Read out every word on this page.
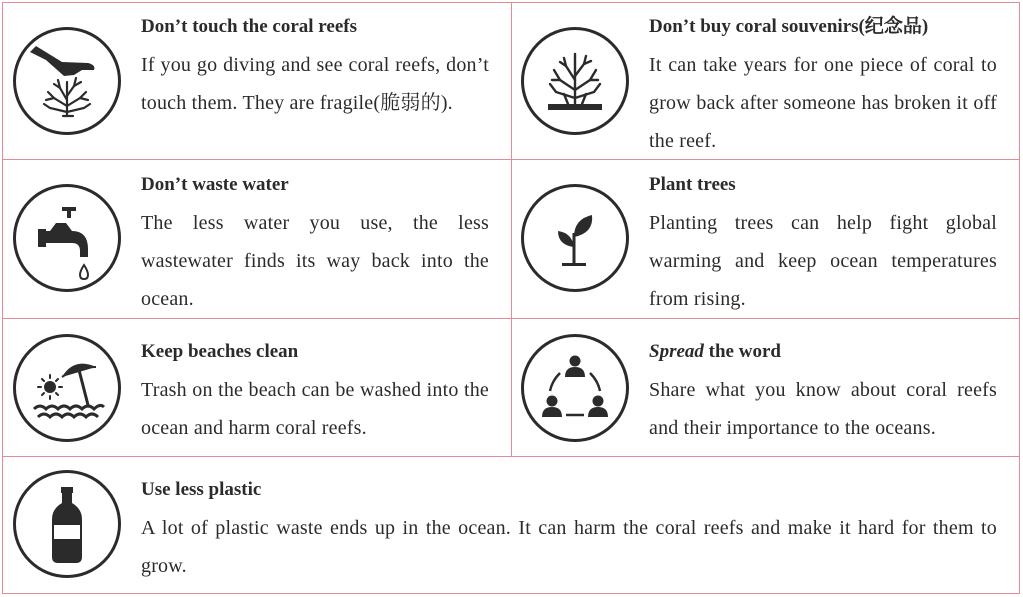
Don’t touch the coral reefs
If you go diving and see coral reefs, don’t touch them. They are fragile(脆弱的).
Don’t buy coral souvenirs(纪念品)
It can take years for one piece of coral to grow back after someone has broken it off the reef.
Don’t waste water
The less water you use, the less wastewater finds its way back into the ocean.
Plant trees
Planting trees can help fight global warming and keep ocean temperatures from rising.
Keep beaches clean
Trash on the beach can be washed into the ocean and harm coral reefs.
Spread the word
Share what you know about coral reefs and their importance to the oceans.
Use less plastic
A lot of plastic waste ends up in the ocean. It can harm the coral reefs and make it hard for them to grow.
